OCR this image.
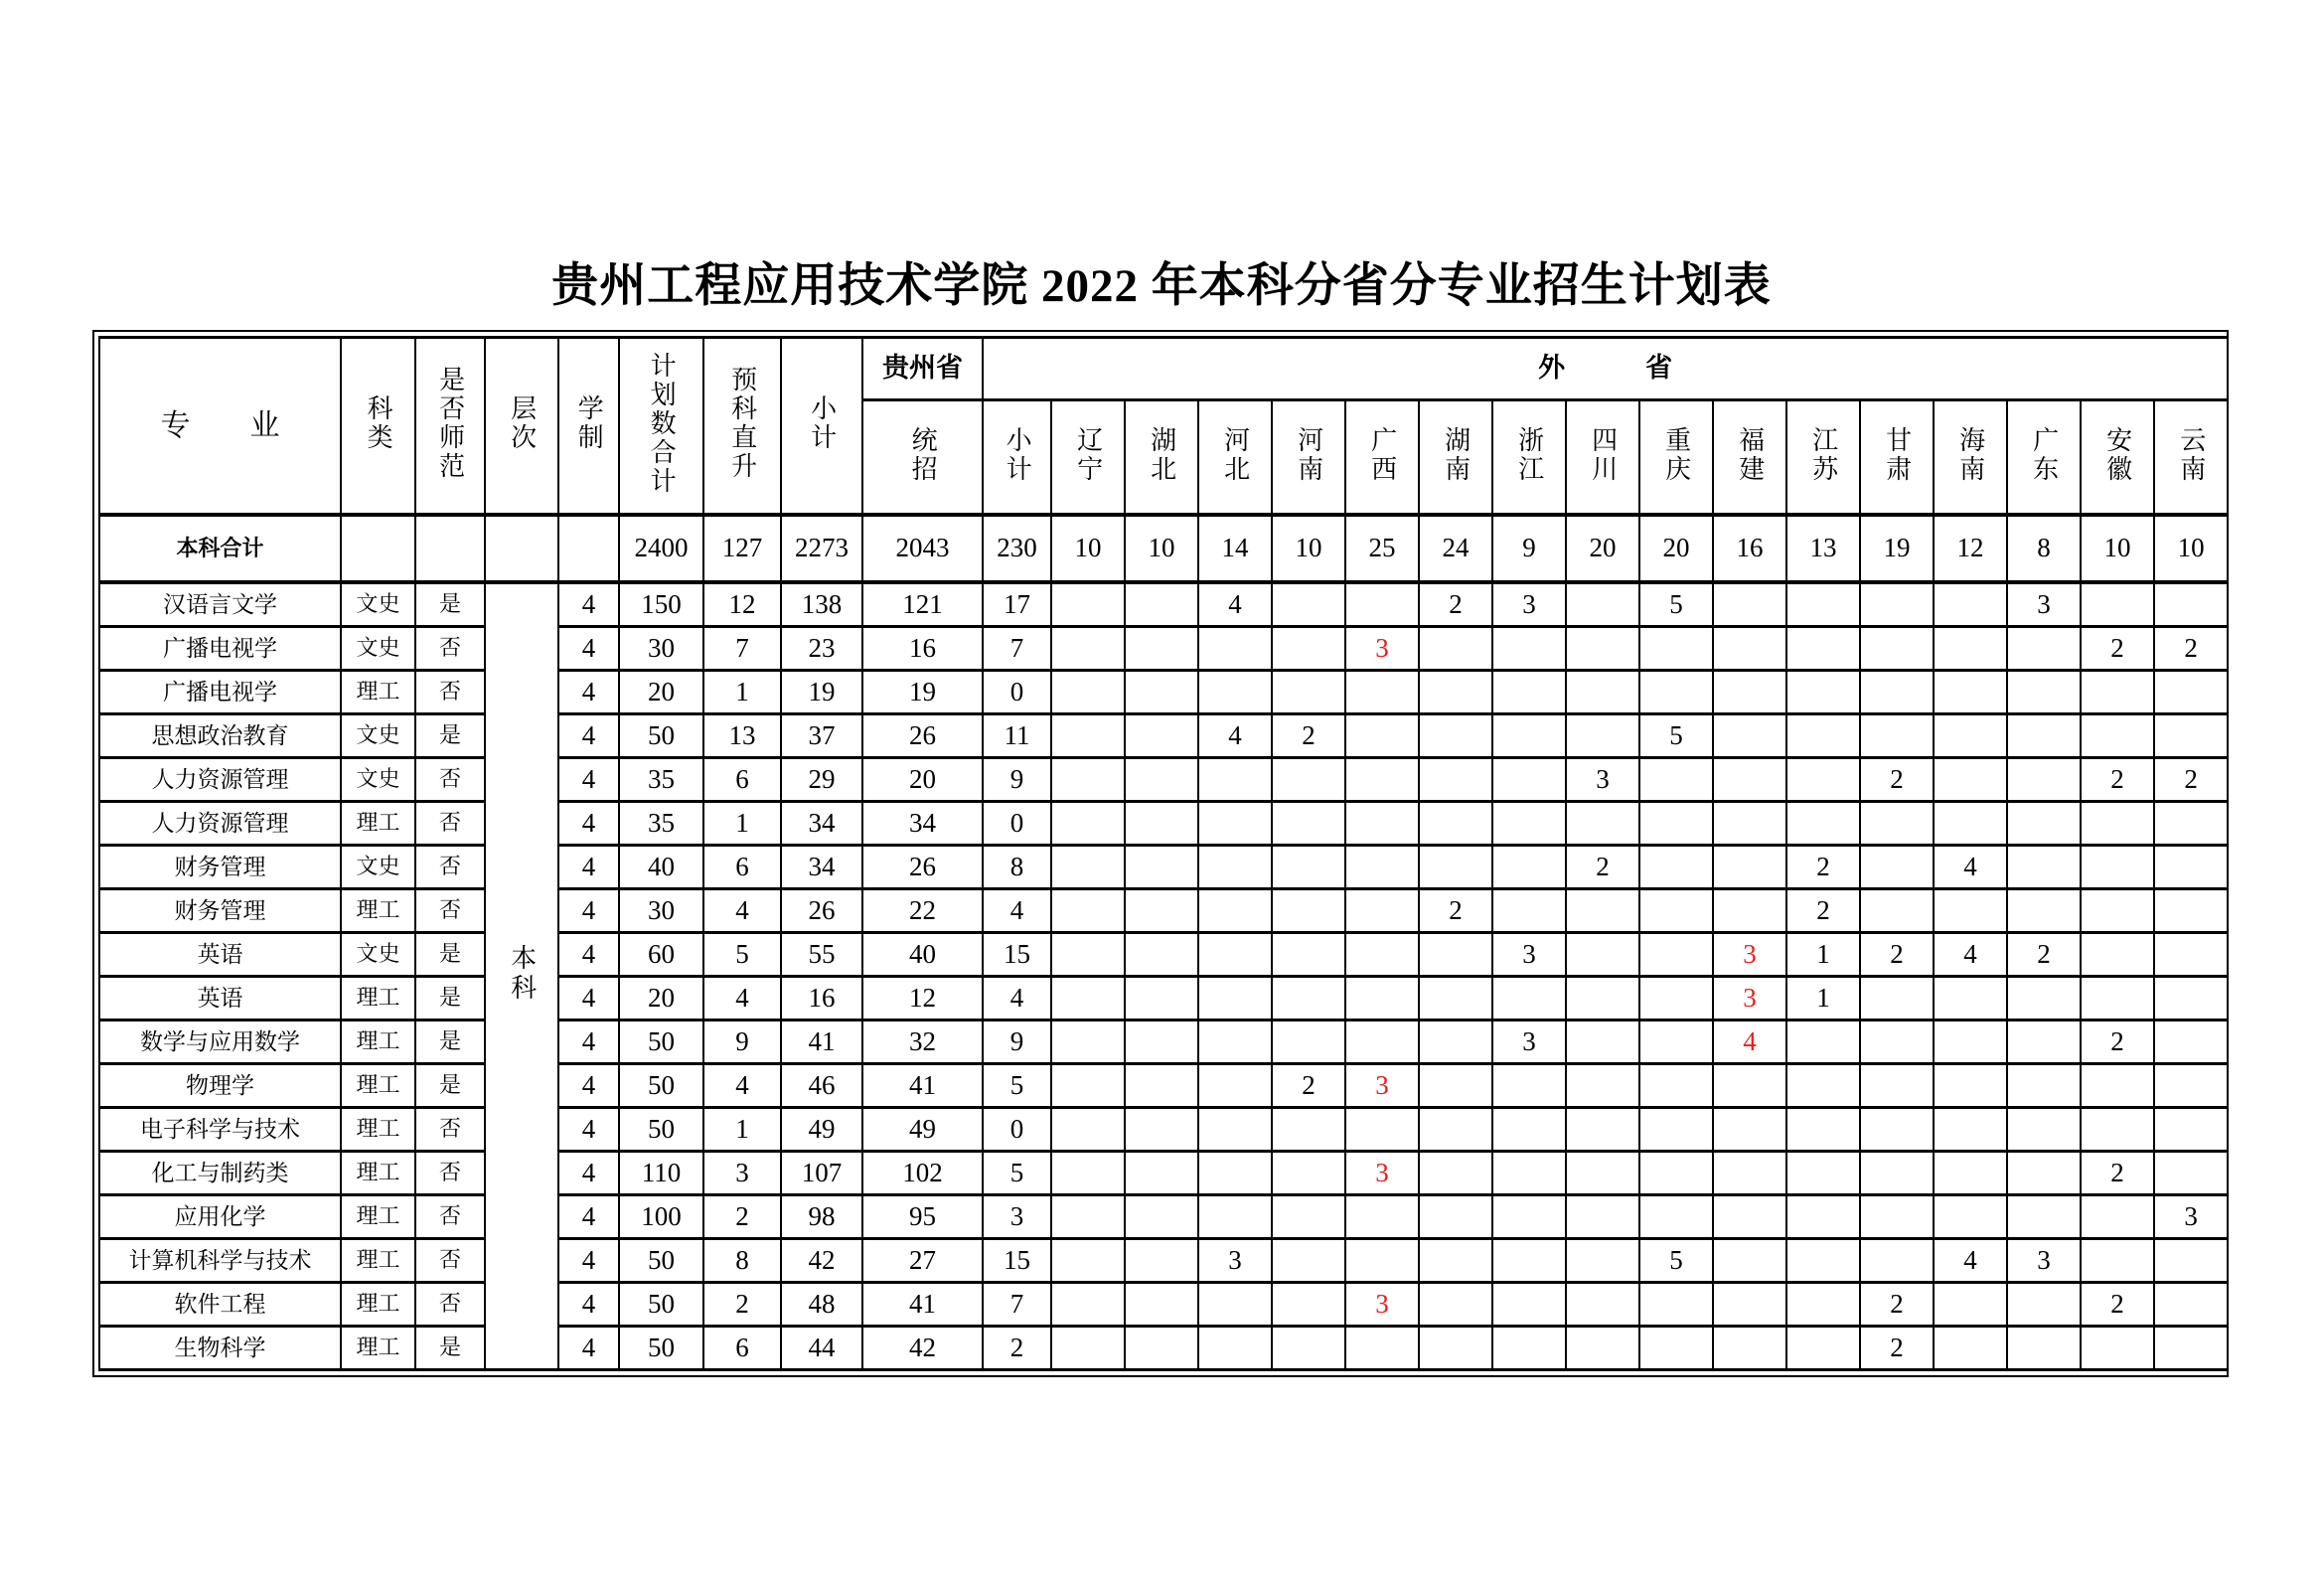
贵州工程应用技术学院 2022 年本科分省分专业招生计划表
专　　业	科类	是否师范	层次	学制	计划数合计	预科直升	小计	贵州省	外　　　省																
								统招	小计	辽宁	湖北	河北	河南	广西	湖南	浙江	四川	重庆	福建	江苏	甘肃	海南	广东	安徽	云南
本科合计					2400	127	2273	2043	230	10	10	14	10	25	24	9	20	20	16	13	19	12	8	10	10
汉语言文学	文史	是	本科	4	150	12	138	121	17			4			2	3		5					3		
广播电视学	文史	否		4	30	7	23	16	7					3										2	2
广播电视学	理工	否		4	20	1	19	19	0																
思想政治教育	文史	是		4	50	13	37	26	11			4	2					5							
人力资源管理	文史	否		4	35	6	29	20	9								3				2			2	2
人力资源管理	理工	否		4	35	1	34	34	0																
财务管理	文史	否		4	40	6	34	26	8								2			2		4			
财务管理	理工	否		4	30	4	26	22	4						2					2					
英语	文史	是		4	60	5	55	40	15							3			3	1	2	4	2		
英语	理工	是		4	20	4	16	12	4										3	1					
数学与应用数学	理工	是		4	50	9	41	32	9							3			4					2	
物理学	理工	是		4	50	4	46	41	5				2	3											
电子科学与技术	理工	否		4	50	1	49	49	0																
化工与制药类	理工	否		4	110	3	107	102	5					3										2	
应用化学	理工	否		4	100	2	98	95	3																3
计算机科学与技术	理工	否		4	50	8	42	27	15			3						5				4	3		
软件工程	理工	否		4	50	2	48	41	7					3							2			2	
生物科学	理工	是		4	50	6	44	42	2												2				
